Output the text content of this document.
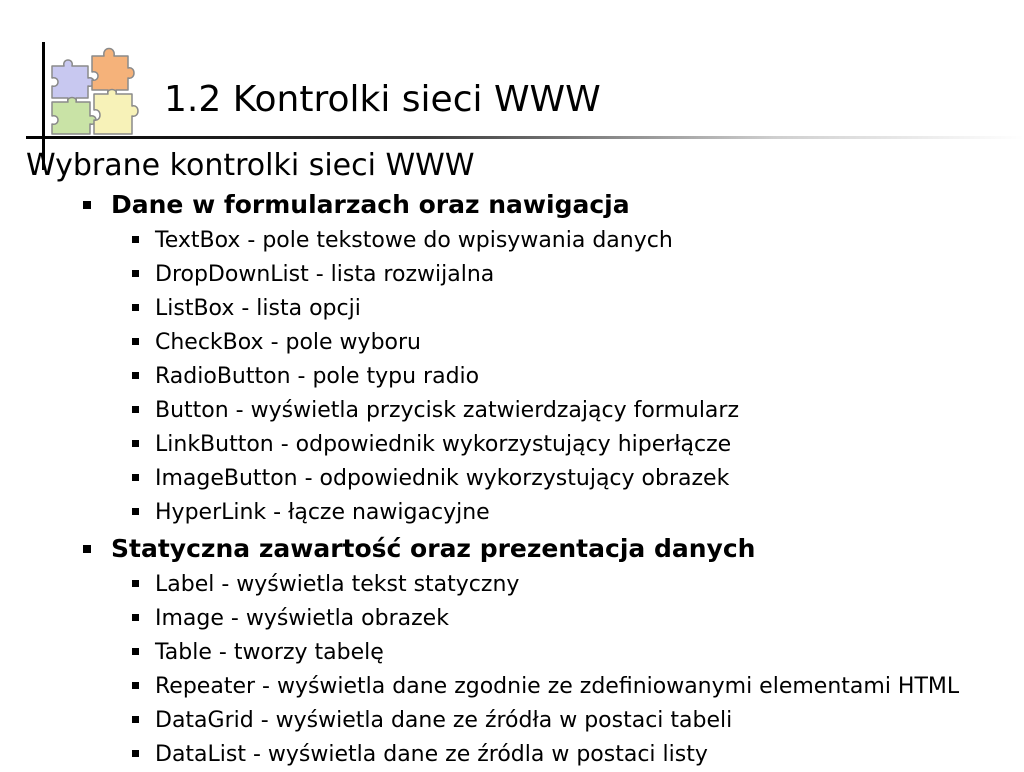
1.2 Kontrolki sieci WWW

Wybrane kontrolki sieci WWW

Dane w formularzach oraz nawigacja
TextBox - pole tekstowe do wpisywania danych
DropDownList - lista rozwijalna
ListBox - lista opcji
CheckBox - pole wyboru
RadioButton - pole typu radio
Button - wyświetla przycisk zatwierdzający formularz
LinkButton - odpowiednik wykorzystujący hiperłącze
ImageButton - odpowiednik wykorzystujący obrazek
HyperLink - łącze nawigacyjne
Statyczna zawartość oraz prezentacja danych
Label - wyświetla tekst statyczny
Image - wyświetla obrazek
Table - tworzy tabelę
Repeater - wyświetla dane zgodnie ze zdefiniowanymi elementami HTML
DataGrid - wyświetla dane ze źródła w postaci tabeli
DataList - wyświetla dane ze źródla w postaci listy
